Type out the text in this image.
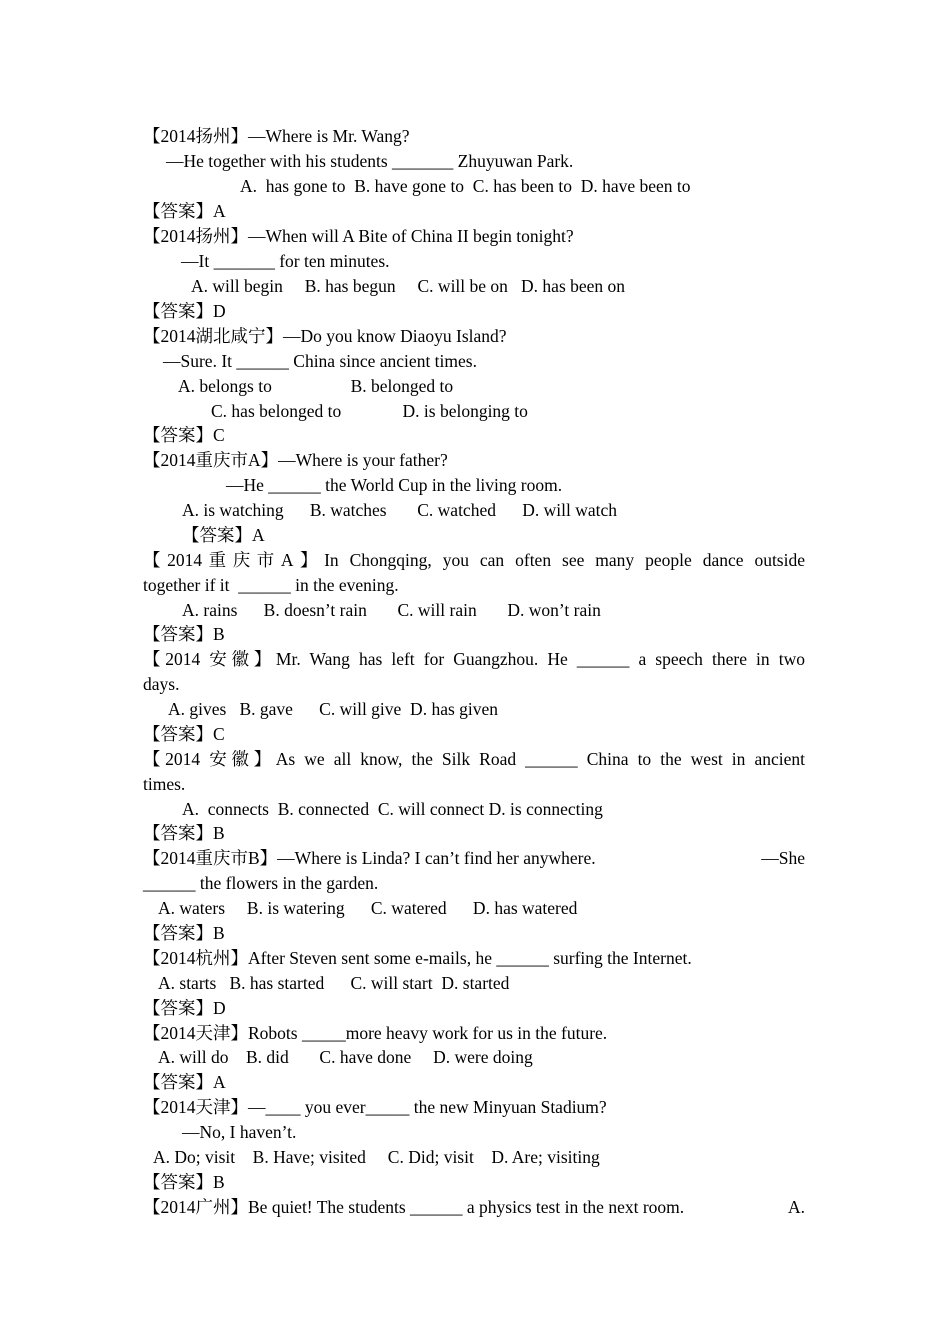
【2014扬州】—Where is Mr. Wang?
—He together with his students _______ Zhuyuwan Park.
A.  has gone to  B. have gone to  C. has been to  D. have been to
【答案】A
【2014扬州】—When will A Bite of China II begin tonight?
—It _______ for ten minutes.
A. will begin     B. has begun     C. will be on   D. has been on
【答案】D
【2014湖北咸宁】—Do you know Diaoyu Island?
—Sure. It ______ China since ancient times.
A. belongs to                  B. belonged to
C. has belonged to              D. is belonging to
【答案】C
【2014重庆市A】—Where is your father?
—He ______ the World Cup in the living room.
A. is watching      B. watches       C. watched      D. will watch
【答案】A
【2014重庆市A】In Chongqing, you can often see many people dance outside
together if it  ______ in the evening.
A. rains      B. doesn’t rain       C. will rain       D. won’t rain
【答案】B
【2014 安徽】Mr. Wang has left for Guangzhou. He ______ a speech there in two
days.
A. gives   B. gave      C. will give  D. has given
【答案】C
【2014 安徽】As we all know, the Silk Road ______ China to the west in ancient
times.
A.  connects  B. connected  C. will connect D. is connecting
【答案】B
【2014重庆市B】—Where is Linda? I can’t find her anywhere.	—She
______ the flowers in the garden.
A. waters     B. is watering      C. watered      D. has watered
【答案】B
【2014杭州】After Steven sent some e-mails, he ______ surfing the Internet.
A. starts   B. has started      C. will start  D. started
【答案】D
【2014天津】Robots _____more heavy work for us in the future.
A. will do    B. did       C. have done     D. were doing
【答案】A
【2014天津】—____ you ever_____ the new Minyuan Stadium?
—No, I haven’t.
A. Do; visit    B. Have; visited     C. Did; visit    D. Are; visiting
【答案】B
【2014广州】Be quiet! The students ______ a physics test in the next room.	A.
